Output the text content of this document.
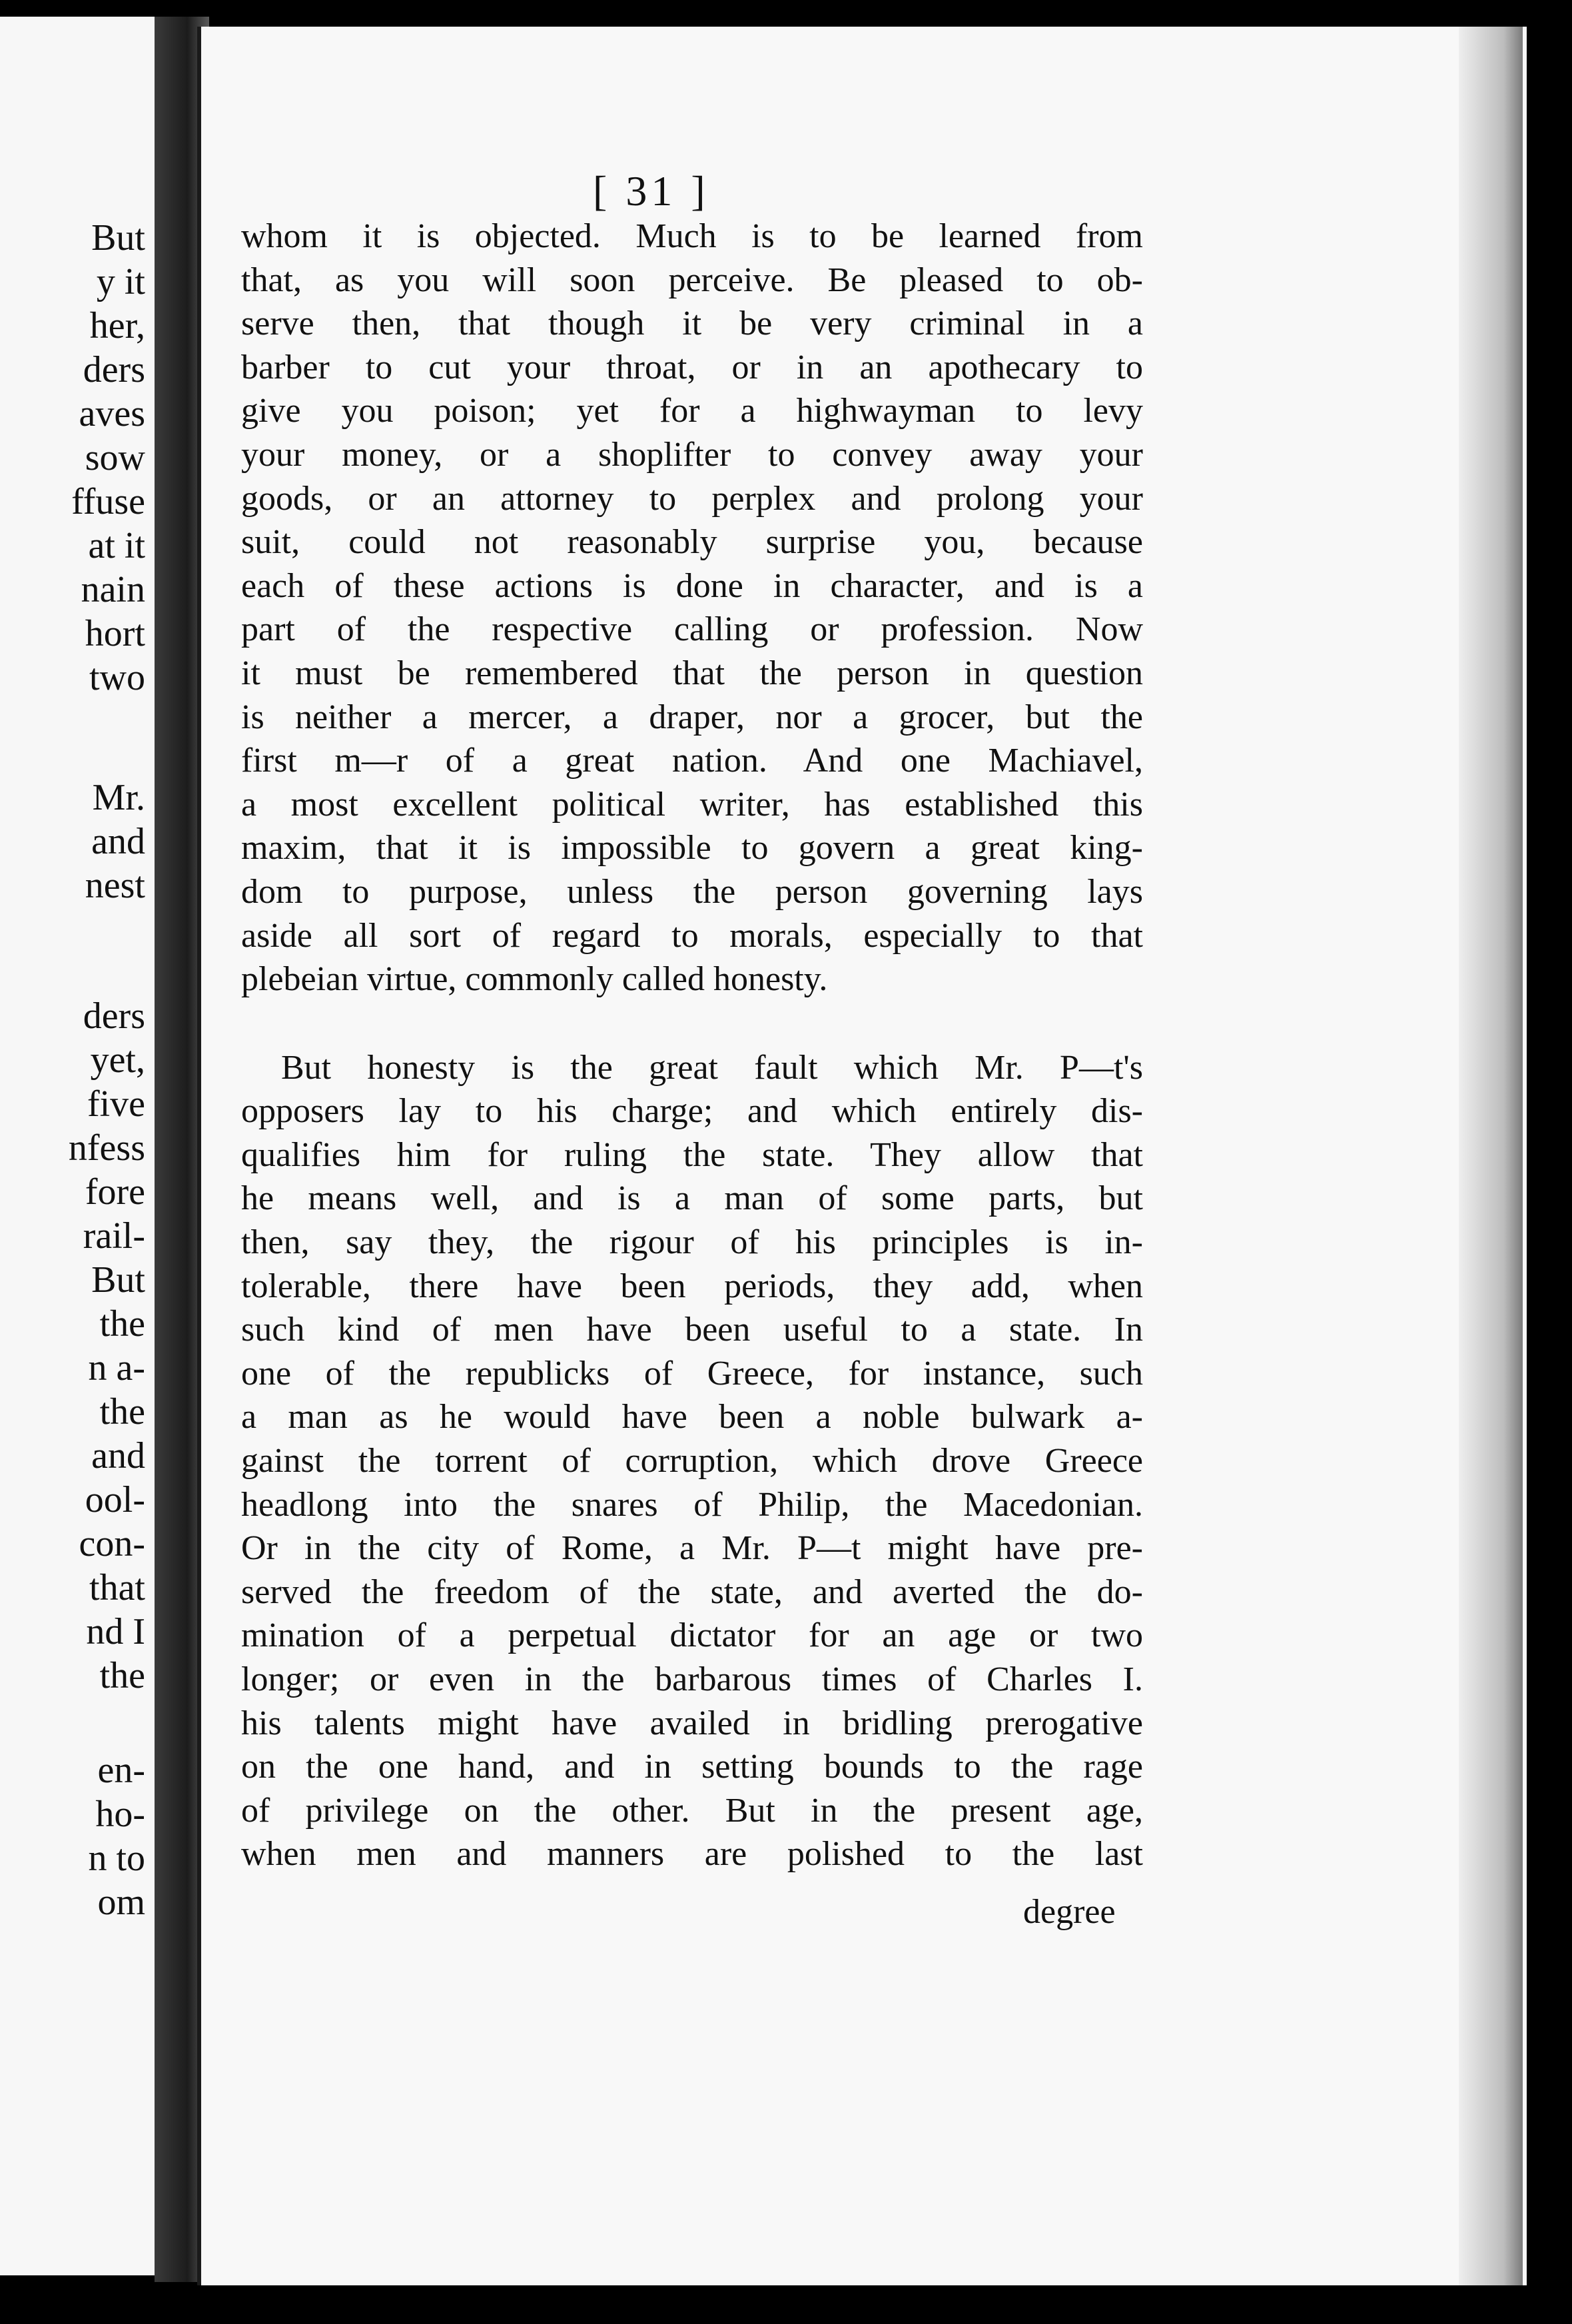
But
y it
her,
ders
aves
sow
ffuse
at it
nain
hort
two
Mr.
and
nest
ders
yet,
five
nfess
fore
rail-
But
the
n a-
the
and
ool-
con-
that
nd I
the
en-
ho-
n to
om
[ 31 ]
whom it is objected. Much is to be learned from
that, as you will soon perceive. Be pleased to ob-
serve then, that though it be very criminal in a
barber to cut your throat, or in an apothecary to
give you poison; yet for a highwayman to levy
your money, or a shoplifter to convey away your
goods, or an attorney to perplex and prolong your
suit, could not reasonably surprise you, because
each of these actions is done in character, and is a
part of the respective calling or profession. Now
it must be remembered that the person in question
is neither a mercer, a draper, nor a grocer, but the
first m—r of a great nation. And one Machiavel,
a most excellent political writer, has established this
maxim, that it is impossible to govern a great king-
dom to purpose, unless the person governing lays
aside all sort of regard to morals, especially to that
plebeian virtue, commonly called honesty.
But honesty is the great fault which Mr. P—t's
opposers lay to his charge; and which entirely dis-
qualifies him for ruling the state. They allow that
he means well, and is a man of some parts, but
then, say they, the rigour of his principles is in-
tolerable, there have been periods, they add, when
such kind of men have been useful to a state. In
one of the republicks of Greece, for instance, such
a man as he would have been a noble bulwark a-
gainst the torrent of corruption, which drove Greece
headlong into the snares of Philip, the Macedonian.
Or in the city of Rome, a Mr. P—t might have pre-
served the freedom of the state, and averted the do-
mination of a perpetual dictator for an age or two
longer; or even in the barbarous times of Charles I.
his talents might have availed in bridling prerogative
on the one hand, and in setting bounds to the rage
of privilege on the other. But in the present age,
when men and manners are polished to the last
degree
